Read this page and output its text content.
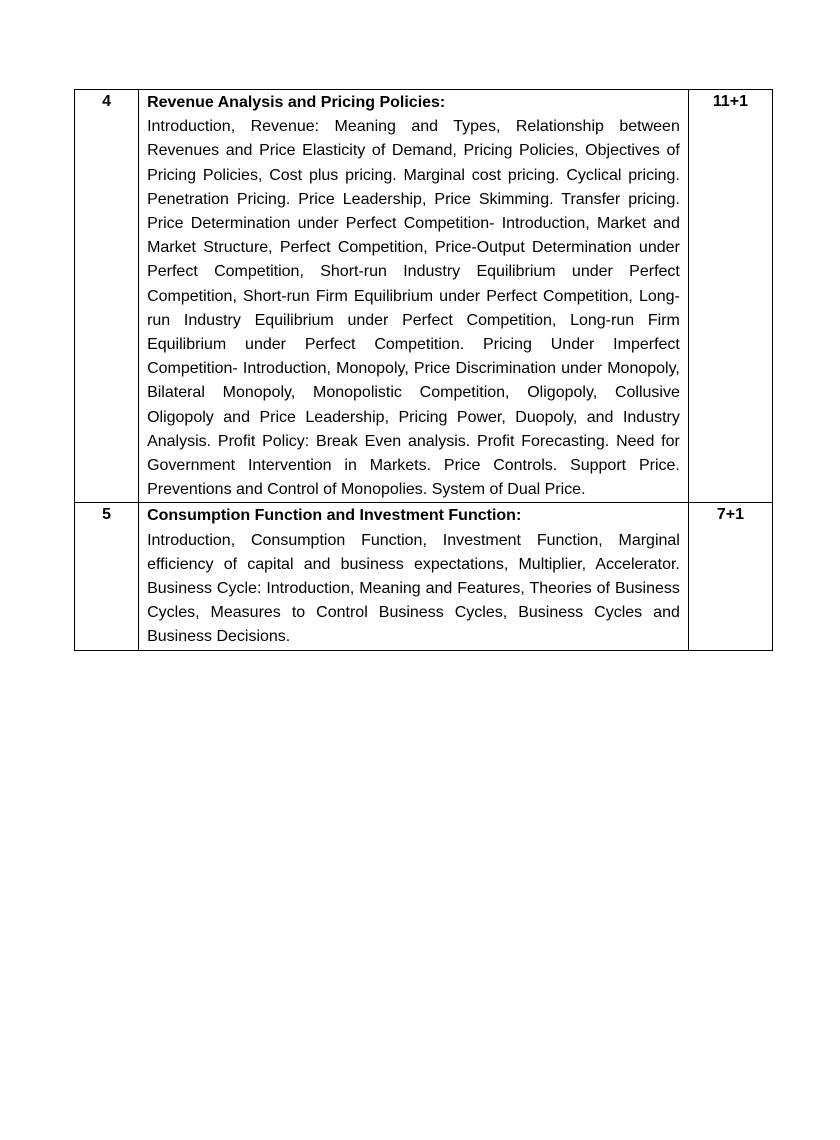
4	Revenue Analysis and Pricing Policies:

Introduction, Revenue: Meaning and Types, Relationship between Revenues and Price Elasticity of Demand, Pricing Policies, Objectives of Pricing Policies, Cost plus pricing. Marginal cost pricing. Cyclical pricing. Penetration Pricing. Price Leadership, Price Skimming. Transfer pricing. Price Determination under Perfect Competition- Introduction, Market and Market Structure, Perfect Competition, Price-Output Determination under Perfect Competition, Short-run Industry Equilibrium under Perfect Competition, Short-run Firm Equilibrium under Perfect Competition, Long-run Industry Equilibrium under Perfect Competition, Long-run Firm Equilibrium under Perfect Competition. Pricing Under Imperfect Competition- Introduction, Monopoly, Price Discrimination under Monopoly, Bilateral Monopoly, Monopolistic Competition, Oligopoly, Collusive Oligopoly and Price Leadership, Pricing Power, Duopoly, and Industry Analysis. Profit Policy: Break Even analysis. Profit Forecasting. Need for Government Intervention in Markets. Price Controls. Support Price. Preventions and Control of Monopolies. System of Dual Price.	11+1
5	Consumption Function and Investment Function:

Introduction, Consumption Function, Investment Function, Marginal efficiency of capital and business expectations, Multiplier, Accelerator. Business Cycle: Introduction, Meaning and Features, Theories of Business Cycles, Measures to Control Business Cycles, Business Cycles and Business Decisions.	7+1
